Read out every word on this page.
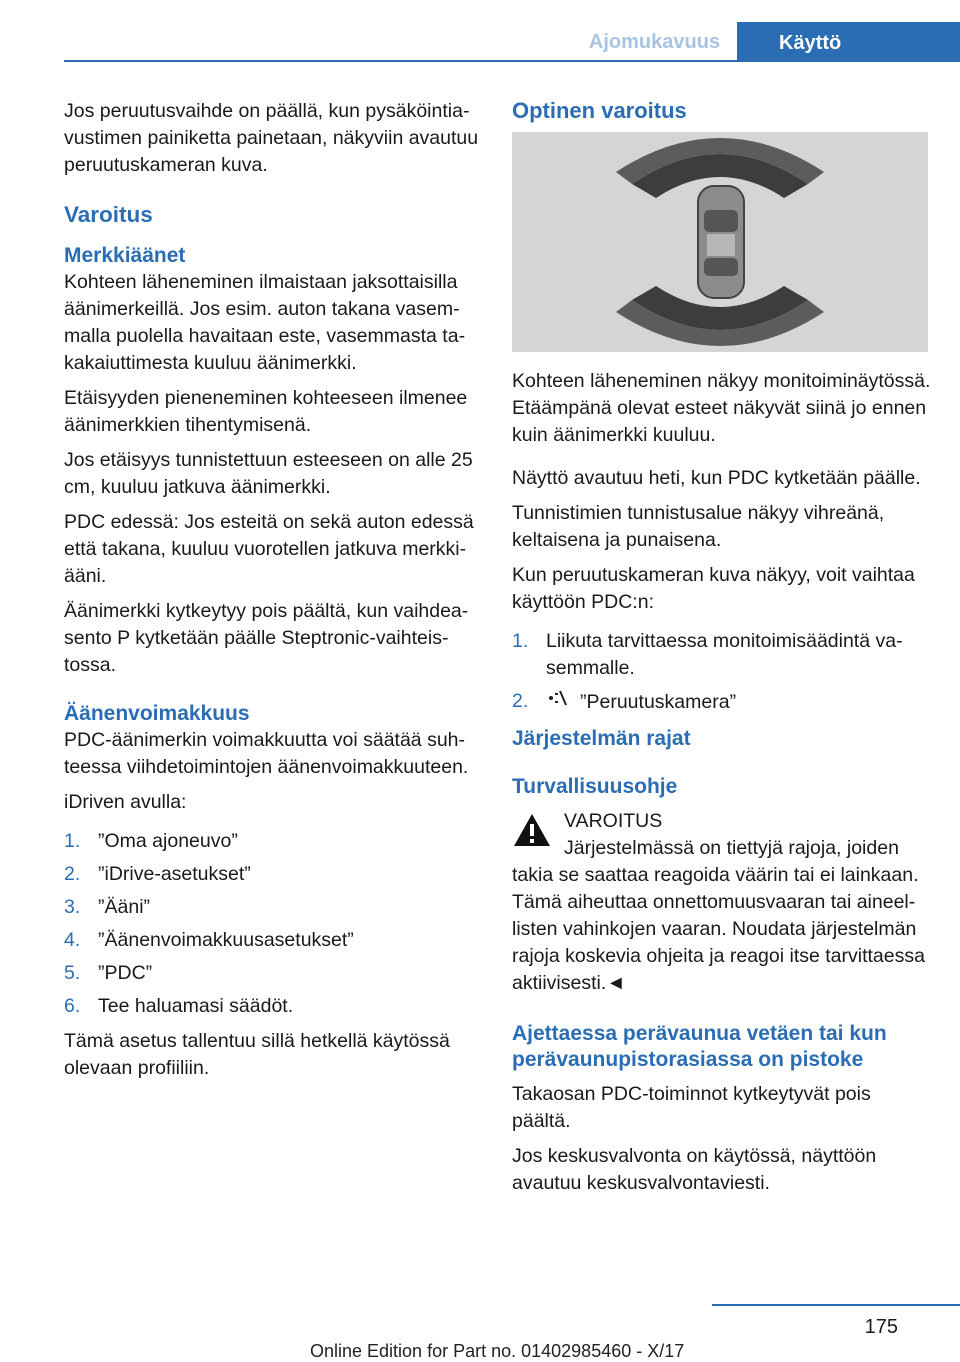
Ajomukavuus	Käyttö

Jos peruutusvaihde on päällä, kun pysäköintiavustimen painiketta painetaan, näkyviin avautuu peruutuskameran kuva.

Varoitus
Merkkiäänet

Kohteen läheneminen ilmaistaan jaksottaisilla äänimerkeillä. Jos esim. auton takana vasemmalla puolella havaitaan este, vasemmasta takakaiuttimesta kuuluu äänimerkki.

Etäisyyden pieneneminen kohteeseen ilmenee äänimerkkien tihentymisenä.

Jos etäisyys tunnistettuun esteeseen on alle 25 cm, kuuluu jatkuva äänimerkki.

PDC edessä: Jos esteitä on sekä auton edessä että takana, kuuluu vuorotellen jatkuva merkkiääni.

Äänimerkki kytkeytyy pois päältä, kun vaihdeasento P kytketään päälle Steptronic-vaihteistossa.

Äänenvoimakkuus

PDC-äänimerkin voimakkuutta voi säätää suhteessa viihdetoimintojen äänenvoimakkuuteen.

iDriven avulla:

1. ”Oma ajoneuvo”
2. ”iDrive-asetukset”
3. ”Ääni”
4. ”Äänenvoimakkuusasetukset”
5. ”PDC”
6. Tee haluamasi säädöt.

Tämä asetus tallentuu sillä hetkellä käytössä olevaan profiiliin.

Optinen varoitus

Kohteen läheneminen näkyy monitoiminäytössä. Etäämpänä olevat esteet näkyvät siinä jo ennen kuin äänimerkki kuuluu.

Näyttö avautuu heti, kun PDC kytketään päälle.

Tunnistimien tunnistusalue näkyy vihreänä, keltaisena ja punaisena.

Kun peruutuskameran kuva näkyy, voit vaihtaa käyttöön PDC:n:

1. Liikuta tarvittaessa monitoimisäädintä vasemmalle.
2.	”Peruutuskamera”
Järjestelmän rajat
Turvallisuusohje
VAROITUS
Järjestelmässä on tiettyjä rajoja, joiden takia se saattaa reagoida väärin tai ei lainkaan. Tämä aiheuttaa onnettomuusvaaran tai aineellisten vahinkojen vaaran. Noudata järjestelmän rajoja koskevia ohjeita ja reagoi itse tarvittaessa aktiivisesti.◄
Ajettaessa perävaunua vetäen tai kun perävaunupistorasiassa on pistoke

Takaosan PDC-toiminnot kytkeytyvät pois päältä.

Jos keskusvalvonta on käytössä, näyttöön avautuu keskusvalvontaviesti.

175
Online Edition for Part no. 01402985460 - X/17
